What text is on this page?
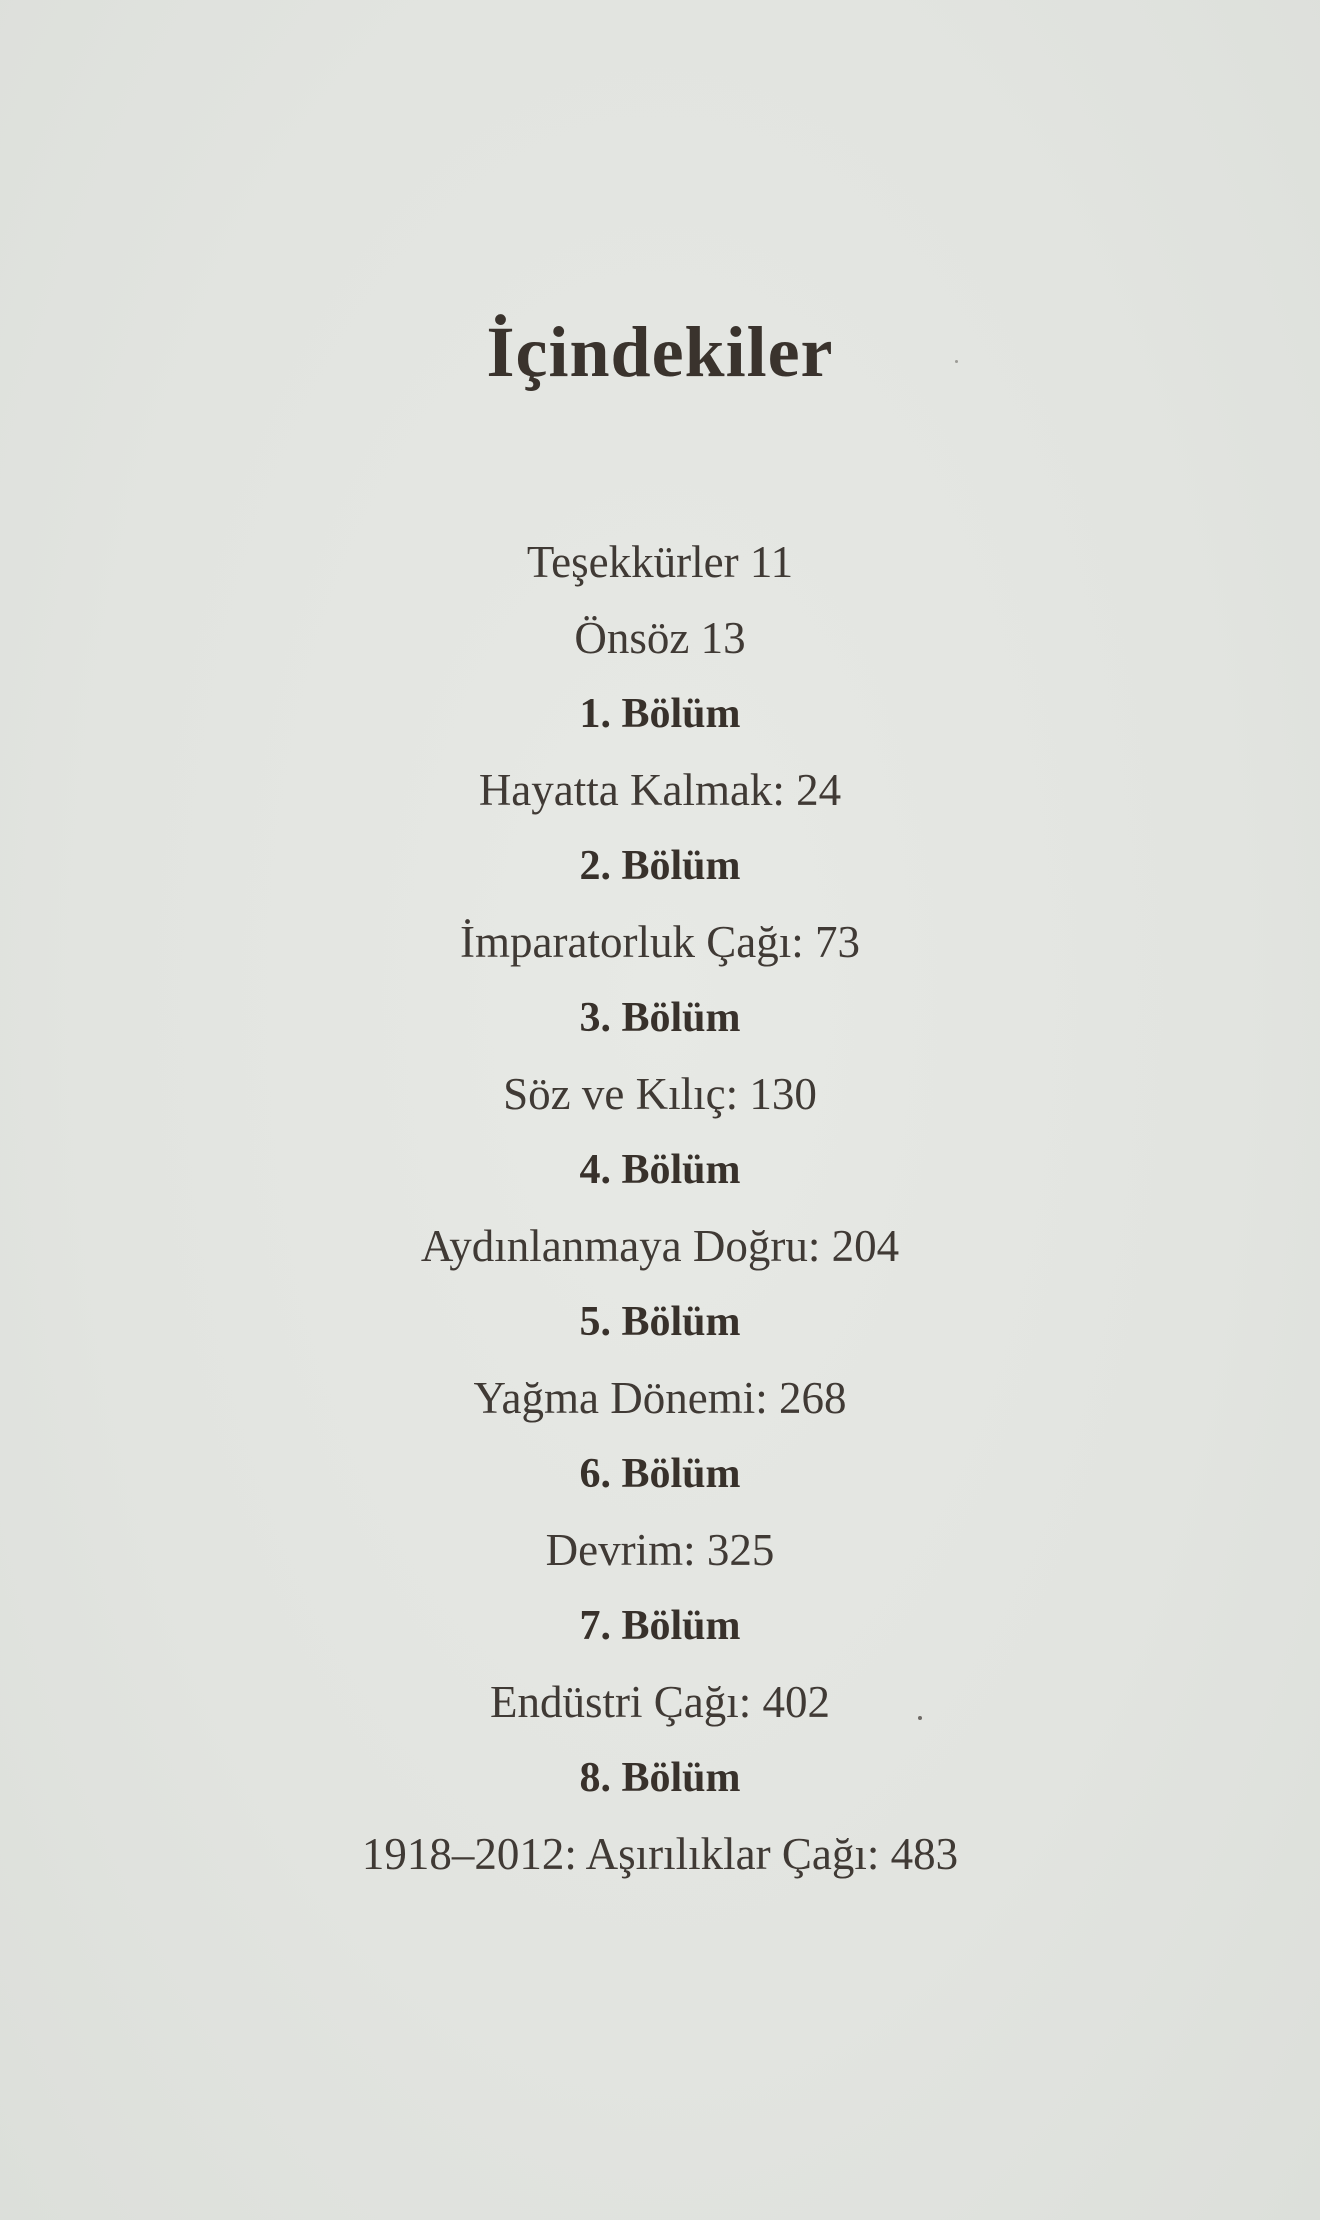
İçindekiler
Teşekkürler 11
Önsöz 13
1. Bölüm
Hayatta Kalmak: 24
2. Bölüm
İmparatorluk Çağı: 73
3. Bölüm
Söz ve Kılıç: 130
4. Bölüm
Aydınlanmaya Doğru: 204
5. Bölüm
Yağma Dönemi: 268
6. Bölüm
Devrim: 325
7. Bölüm
Endüstri Çağı: 402
8. Bölüm
1918–2012: Aşırılıklar Çağı: 483
